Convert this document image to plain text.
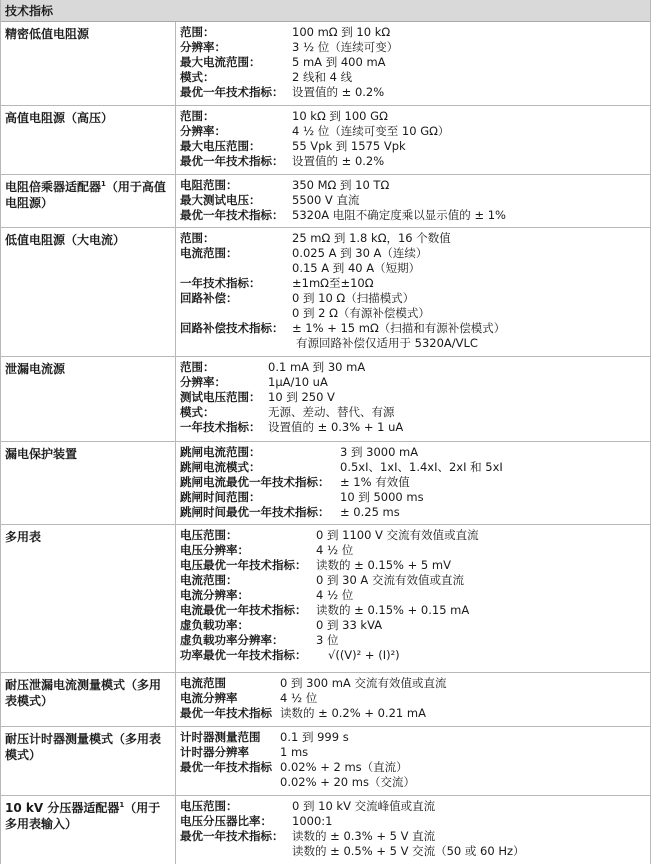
技术指标
精密低值电阻源	范围：	100 mΩ 到 10 kΩ
分辨率：	3 ½ 位（连续可变）
最大电流范围：	5 mA 到 400 mA
模式：	2 线和 4 线
最优一年技术指标： 设置值的 ± 0.2%
高值电阻源（高压）	范围：	10 kΩ 到 100 GΩ
分辨率：	4 ½ 位（连续可变至 10 GΩ）
最大电压范围：	55 Vpk 到 1575 Vpk
最优一年技术指标： 设置值的 ± 0.2%
电阻倍乘器适配器$^1$（用于高值电阻源）
电阻范围：	350 MΩ 到 10 TΩ
最大测试电压：	5500 V 直流
最优一年技术指标： 5320A 电阻不确定度乘以显示值的 ± 1%
低值电阻源（大电流）	范围：	25 mΩ 到 1.8 kΩ，16 个数值
电流范围：	0.025 A 到 30 A（连续）
0.15 A 到 40 A（短期）
一年技术指标：	±1mΩ至±10Ω
回路补偿：	0 到 10 Ω（扫描模式）
0 到 2 Ω（有源补偿模式）
回路补偿技术指标： ± 1% + 15 mΩ（扫描和有源补偿模式）
有源回路补偿仅适用于 5320A/VLC
泄漏电流源	范围：	0.1 mA 到 30 mA
分辨率：	1μA/10 uA
测试电压范围： 10 到 250 V
模式：	无源、差动、替代、有源
一年技术指标： 设置值的 ± 0.3% + 1 uA
漏电保护装置	跳闸电流范围：	3 到 3000 mA
跳闸电流模式：	0.5xI、1xI、1.4xI、2xI 和 5xI
跳闸电流最优一年技术指标： ± 1% 有效值
跳闸时间范围：	10 到 5000 ms
跳闸时间最优一年技术指标： ± 0.25 ms
多用表	电压范围：	0 到 1100 V 交流有效值或直流
电压分辨率：	4 ½ 位
电压最优一年技术指标： 读数的 ± 0.15% + 5 mV
电流范围：	0 到 30 A 交流有效值或直流
电流分辨率：	4 ½ 位
电流最优一年技术指标： 读数的 ± 0.15% + 0.15 mA
虚负载功率：	0 到 33 kVA
虚负载功率分辨率：	3 位
功率最优一年技术指标：	√((V)² + (I)²)
耐压泄漏电流测量模式（多用表模式）
电流范围	0 到 300 mA 交流有效值或直流
电流分辨率	4 ½ 位
最优一年技术指标 读数的 ± 0.2% + 0.21 mA
耐压计时器测量模式（多用表模式）
计时器测量范围	0.1 到 999 s
计时器分辨率	1 ms
最优一年技术指标 0.02% + 2 ms（直流）
0.02% + 20 ms（交流）
10 kV 分压器适配器$^1$（用于多用表输入）
电压范围：	0 到 10 kV 交流峰值或直流
电压分压器比率：	1000:1
最优一年技术指标： 读数的 ± 0.3% + 5 V 直流
读数的 ± 0.5% + 5 V 交流（50 或 60 Hz）
